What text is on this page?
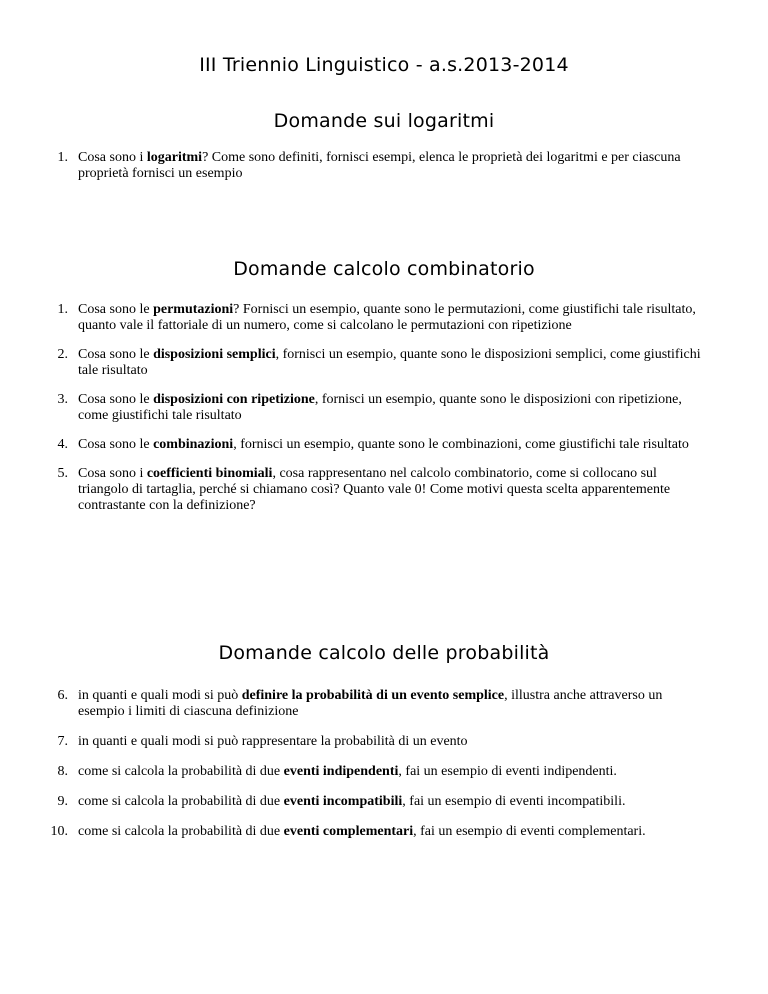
III Triennio Linguistico - a.s.2013-2014
Domande sui logaritmi
1. Cosa sono i logaritmi? Come sono definiti, fornisci esempi, elenca le proprietà dei logaritmi e per ciascuna proprietà fornisci un esempio
Domande calcolo combinatorio
1. Cosa sono le permutazioni? Fornisci un esempio, quante sono le permutazioni, come giustifichi tale risultato, quanto vale il fattoriale di un numero, come si calcolano le permutazioni con ripetizione
2. Cosa sono le disposizioni semplici, fornisci un esempio, quante sono le disposizioni semplici, come giustifichi tale risultato
3. Cosa sono le disposizioni con ripetizione, fornisci un esempio, quante sono le disposizioni con ripetizione, come giustifichi tale risultato
4. Cosa sono le combinazioni, fornisci un esempio, quante sono le combinazioni, come giustifichi tale risultato
5. Cosa sono i coefficienti binomiali, cosa rappresentano nel calcolo combinatorio, come si collocano sul triangolo di tartaglia, perché si chiamano così? Quanto vale 0! Come motivi questa scelta apparentemente contrastante con la definizione?
Domande calcolo delle probabilità
6. in quanti e quali modi si può definire la probabilità di un evento semplice, illustra anche attraverso un esempio i limiti di ciascuna definizione
7. in quanti e quali modi si può rappresentare la probabilità di un evento
8. come si calcola la probabilità di due eventi indipendenti, fai un esempio di eventi indipendenti.
9. come si calcola la probabilità di due eventi incompatibili, fai un esempio di eventi incompatibili.
10. come si calcola la probabilità di due eventi complementari, fai un esempio di eventi complementari.
